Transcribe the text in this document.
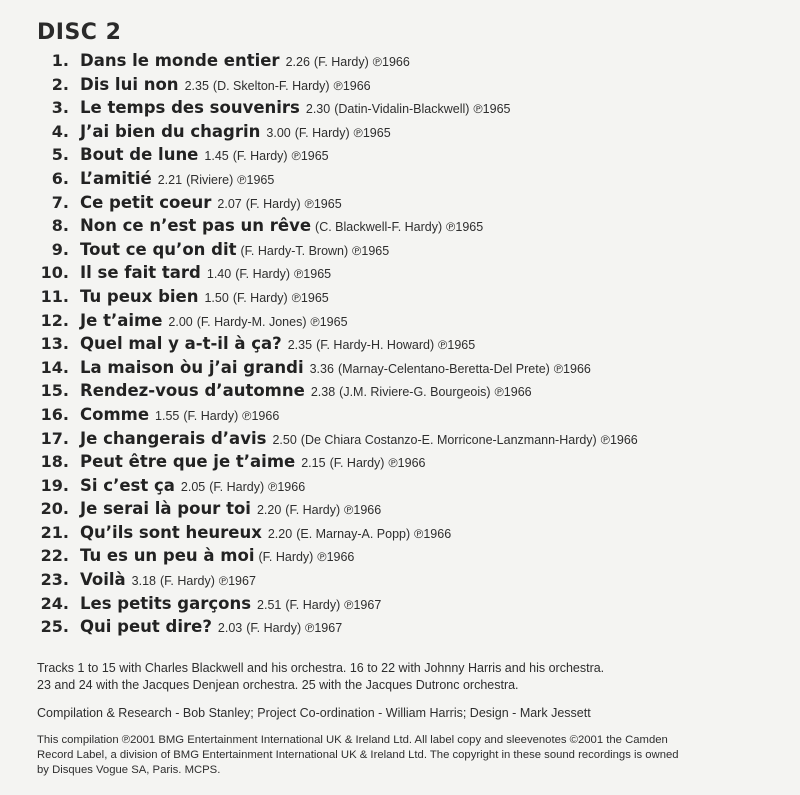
DISC 2
1. Dans le monde entier 2.26 (F. Hardy) ℗1966
2. Dis lui non 2.35 (D. Skelton-F. Hardy) ℗1966
3. Le temps des souvenirs 2.30 (Datin-Vidalin-Blackwell) ℗1965
4. J’ai bien du chagrin 3.00 (F. Hardy) ℗1965
5. Bout de lune 1.45 (F. Hardy) ℗1965
6. L’amitié 2.21 (Riviere) ℗1965
7. Ce petit coeur 2.07 (F. Hardy) ℗1965
8. Non ce n’est pas un rêve (C. Blackwell-F. Hardy) ℗1965
9. Tout ce qu’on dit (F. Hardy-T. Brown) ℗1965
10. Il se fait tard 1.40 (F. Hardy) ℗1965
11. Tu peux bien 1.50 (F. Hardy) ℗1965
12. Je t’aime 2.00 (F. Hardy-M. Jones) ℗1965
13. Quel mal y a-t-il à ça? 2.35 (F. Hardy-H. Howard) ℗1965
14. La maison òu j’ai grandi 3.36 (Marnay-Celentano-Beretta-Del Prete) ℗1966
15. Rendez-vous d’automne 2.38 (J.M. Riviere-G. Bourgeois) ℗1966
16. Comme 1.55 (F. Hardy) ℗1966
17. Je changerais d’avis 2.50 (De Chiara Costanzo-E. Morricone-Lanzmann-Hardy) ℗1966
18. Peut être que je t’aime 2.15 (F. Hardy) ℗1966
19. Si c’est ça 2.05 (F. Hardy) ℗1966
20. Je serai là pour toi 2.20 (F. Hardy) ℗1966
21. Qu’ils sont heureux 2.20 (E. Marnay-A. Popp) ℗1966
22. Tu es un peu à moi (F. Hardy) ℗1966
23. Voilà 3.18 (F. Hardy) ℗1967
24. Les petits garçons 2.51 (F. Hardy) ℗1967
25. Qui peut dire? 2.03 (F. Hardy) ℗1967
Tracks 1 to 15 with Charles Blackwell and his orchestra. 16 to 22 with Johnny Harris and his orchestra.
23 and 24 with the Jacques Denjean orchestra. 25 with the Jacques Dutronc orchestra.
Compilation & Research - Bob Stanley; Project Co-ordination - William Harris; Design - Mark Jessett
This compilation ℗2001 BMG Entertainment International UK & Ireland Ltd. All label copy and sleevenotes ©2001 the Camden
Record Label, a division of BMG Entertainment International UK & Ireland Ltd. The copyright in these sound recordings is owned
by Disques Vogue SA, Paris. MCPS.
